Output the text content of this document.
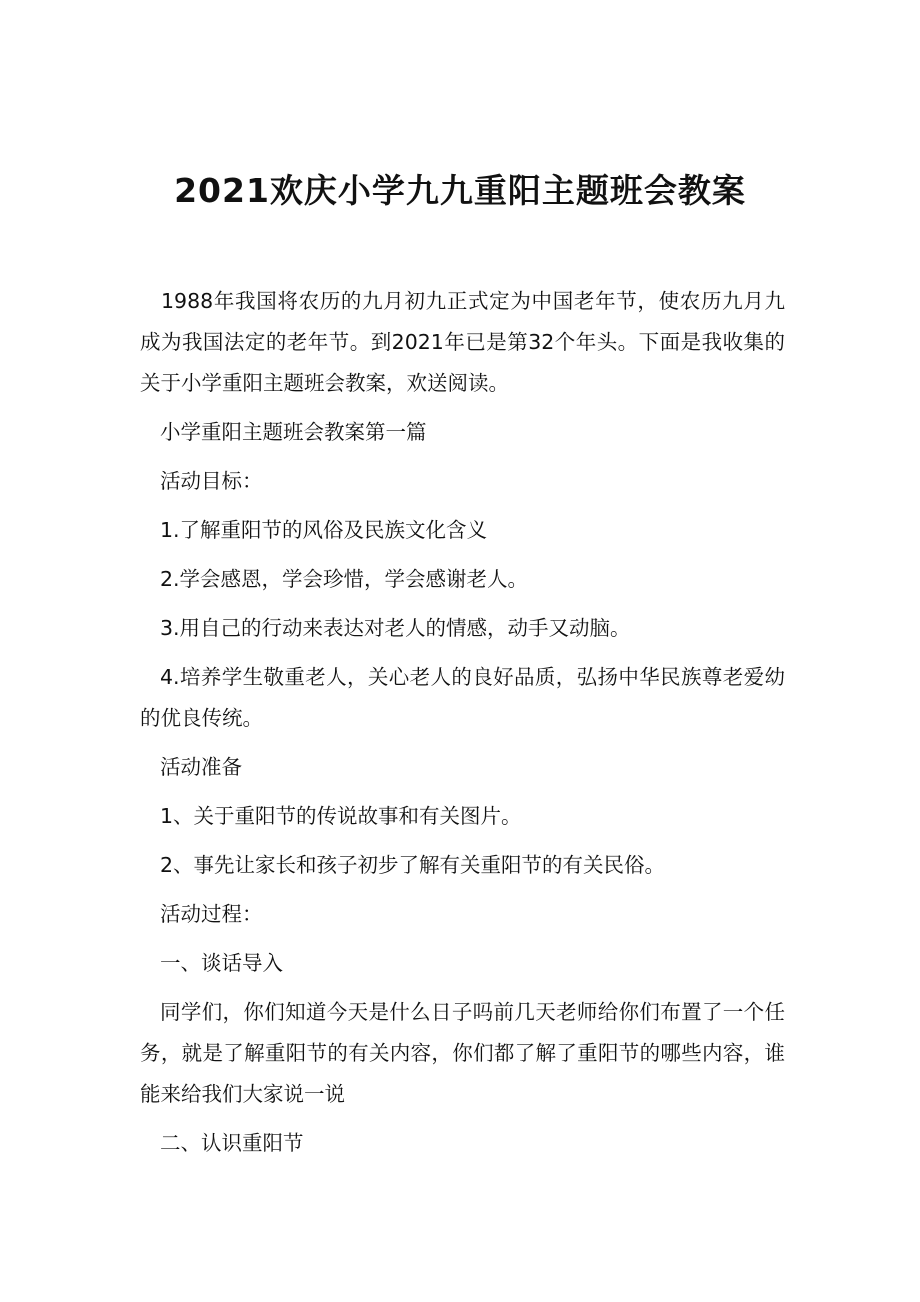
2021欢庆小学九九重阳主题班会教案

1988年我国将农历的九月初九正式定为中国老年节，使农历九月九成为我国法定的老年节。到2021年已是第32个年头。下面是我收集的关于小学重阳主题班会教案，欢送阅读。

小学重阳主题班会教案第一篇

活动目标：

1.了解重阳节的风俗及民族文化含义

2.学会感恩，学会珍惜，学会感谢老人。

3.用自己的行动来表达对老人的情感，动手又动脑。

4.培养学生敬重老人，关心老人的良好品质，弘扬中华民族尊老爱幼的优良传统。

活动准备

1、关于重阳节的传说故事和有关图片。

2、事先让家长和孩子初步了解有关重阳节的有关民俗。

活动过程：

一、谈话导入

同学们，你们知道今天是什么日子吗前几天老师给你们布置了一个任务，就是了解重阳节的有关内容，你们都了解了重阳节的哪些内容，谁能来给我们大家说一说

二、认识重阳节
